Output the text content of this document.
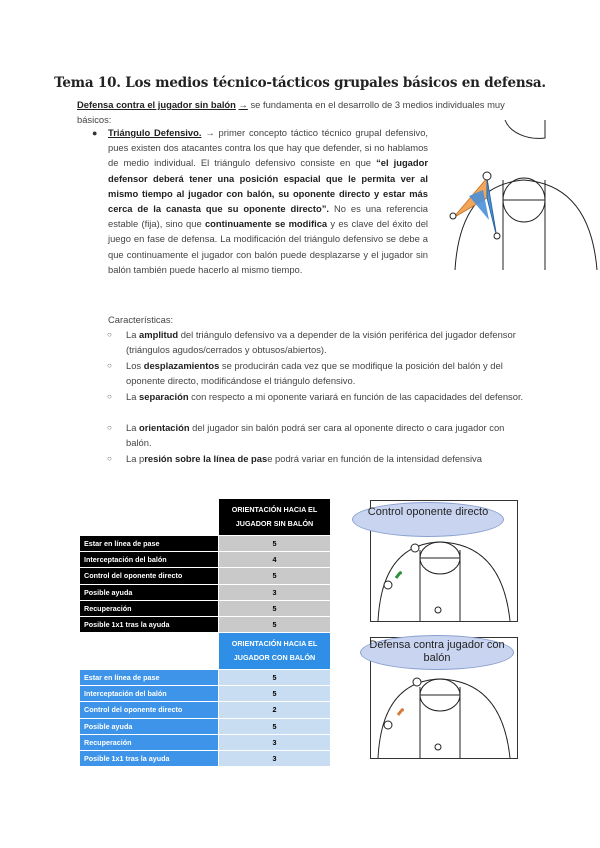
Tema 10. Los medios técnico-tácticos grupales básicos en defensa.
Defensa contra el jugador sin balón → se fundamenta en el desarrollo de 3 medios individuales muy básicos:
● Triángulo Defensivo. → primer concepto táctico técnico grupal defensivo, pues existen dos atacantes contra los que hay que defender, si no hablamos de medio individual. El triángulo defensivo consiste en que “el jugador defensor deberá tener una posición espacial que le permita ver al mismo tiempo al jugador con balón, su oponente directo y estar más cerca de la canasta que su oponente directo”. No es una referencia estable (fija), sino que continuamente se modifica y es clave del éxito del juego en fase de defensa. La modificación del triángulo defensivo se debe a que continuamente el jugador con balón puede desplazarse y el jugador sin balón también puede hacerlo al mismo tiempo.
Características:
○ La amplitud del triángulo defensivo va a depender de la visión periférica del jugador defensor (triángulos agudos/cerrados y obtusos/abiertos).
○ Los desplazamientos se producirán cada vez que se modifique la posición del balón y del oponente directo, modificándose el triángulo defensivo.
○ La separación con respecto a mi oponente variará en función de las capacidades del defensor.
○ La orientación del jugador sin balón podrá ser cara al oponente directo o cara jugador con balón.
○ La presión sobre la línea de pase podrá variar en función de la intensidad defensiva
	ORIENTACIÓN HACIA EL JUGADOR SIN BALÓN
Estar en línea de pase	5
Interceptación del balón	4
Control del oponente directo	5
Posible ayuda	3
Recuperación	5
Posible 1x1 tras la ayuda	5
	ORIENTACIÓN HACIA EL JUGADOR CON BALÓN
Estar en línea de pase	5
Interceptación del balón	5
Control del oponente directo	2
Posible ayuda	5
Recuperación	3
Posible 1x1 tras la ayuda	3
Control oponente directo
Defensa contra jugador con balón
